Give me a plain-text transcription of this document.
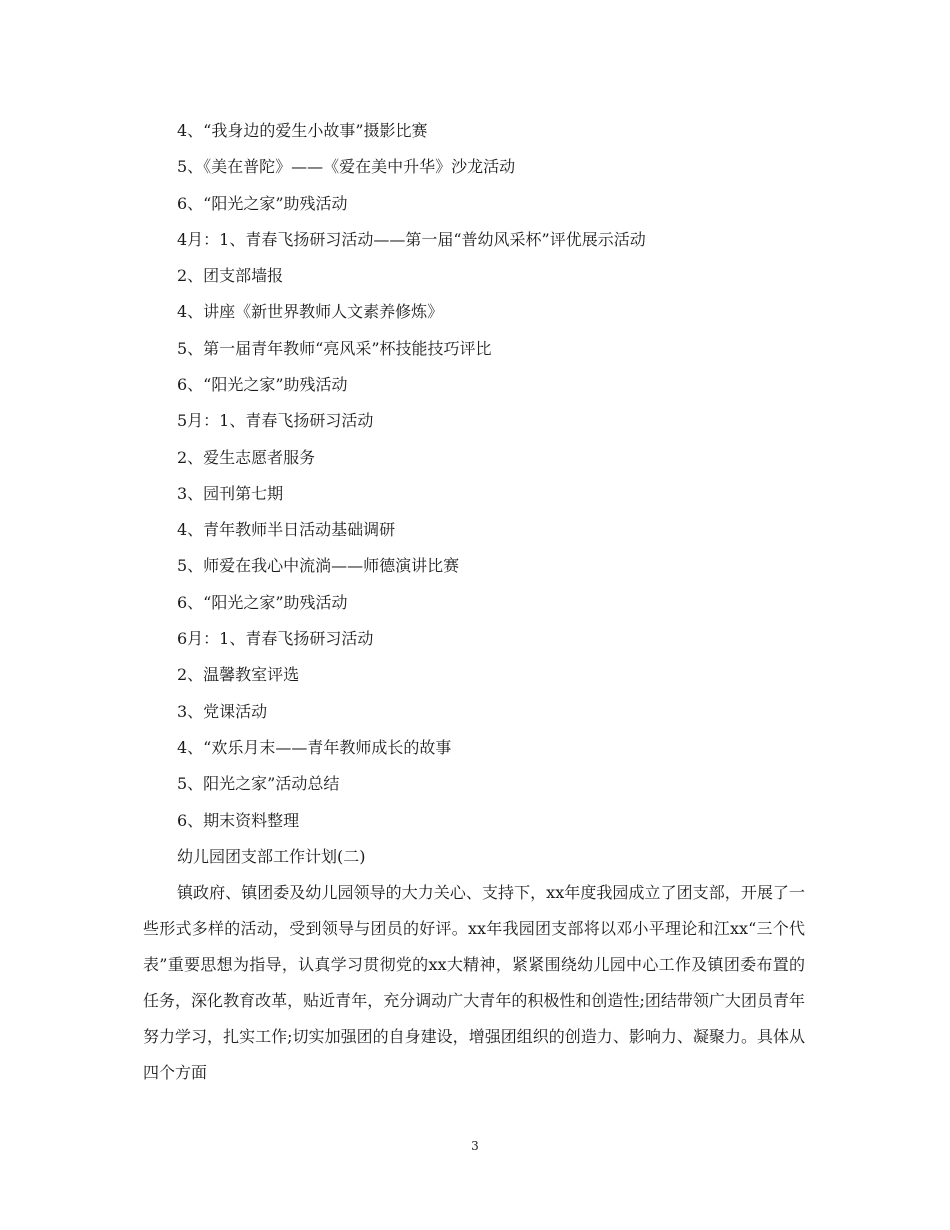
4、“我身边的爱生小故事”摄影比赛
5、《美在普陀》——《爱在美中升华》沙龙活动
6、“阳光之家”助残活动
4月：1、青春飞扬研习活动——第一届“普幼风采杯”评优展示活动
2、团支部墙报
4、讲座《新世界教师人文素养修炼》
5、第一届青年教师“亮风采”杯技能技巧评比
6、“阳光之家”助残活动
5月：1、青春飞扬研习活动
2、爱生志愿者服务
3、园刊第七期
4、青年教师半日活动基础调研
5、师爱在我心中流淌——师德演讲比赛
6、“阳光之家”助残活动
6月：1、青春飞扬研习活动
2、温馨教室评选
3、党课活动
4、“欢乐月末——青年教师成长的故事
5、阳光之家”活动总结
6、期末资料整理
幼儿园团支部工作计划(二)
镇政府、镇团委及幼儿园领导的大力关心、支持下，xx年度我园成立了团支部，开展了一些形式多样的活动，受到领导与团员的好评。xx年我园团支部将以邓小平理论和江xx“三个代表”重要思想为指导，认真学习贯彻党的xx大精神，紧紧围绕幼儿园中心工作及镇团委布置的任务，深化教育改革，贴近青年，充分调动广大青年的积极性和创造性;团结带领广大团员青年努力学习，扎实工作;切实加强团的自身建设，增强团组织的创造力、影响力、凝聚力。具体从四个方面
3
